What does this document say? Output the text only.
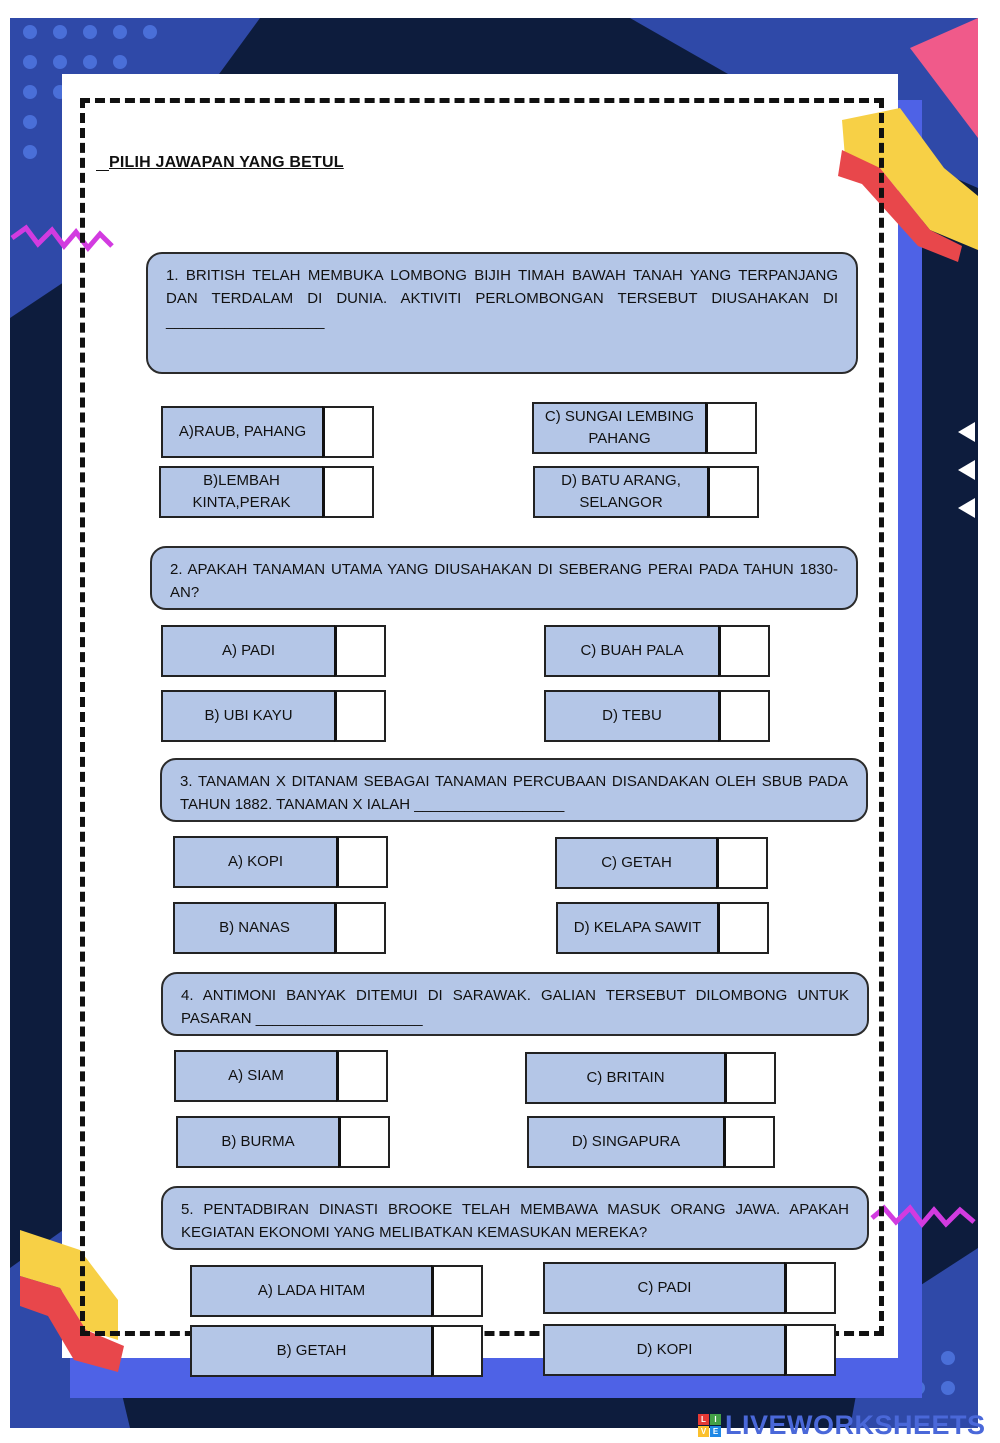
PILIH JAWAPAN YANG BETUL
1. BRITISH TELAH MEMBUKA LOMBONG BIJIH TIMAH BAWAH TANAH YANG TERPANJANG DAN TERDALAM DI DUNIA. AKTIVITI PERLOMBONGAN TERSEBUT DIUSAHAKAN DI ___________________
A)RAUB, PAHANG
B)LEMBAH KINTA,PERAK
C) SUNGAI LEMBING PAHANG
D) BATU ARANG, SELANGOR
2. APAKAH TANAMAN UTAMA YANG DIUSAHAKAN DI SEBERANG PERAI PADA TAHUN 1830-AN?
A) PADI
B) UBI KAYU
C) BUAH PALA
D) TEBU
3. TANAMAN X DITANAM SEBAGAI TANAMAN PERCUBAAN DISANDAKAN OLEH SBUB PADA TAHUN 1882. TANAMAN X IALAH __________________
A) KOPI
B) NANAS
C) GETAH
D) KELAPA SAWIT
4. ANTIMONI BANYAK DITEMUI DI SARAWAK. GALIAN TERSEBUT DILOMBONG UNTUK PASARAN ____________________
A) SIAM
B) BURMA
C) BRITAIN
D) SINGAPURA
5. PENTADBIRAN DINASTI BROOKE TELAH MEMBAWA MASUK ORANG JAWA. APAKAH KEGIATAN EKONOMI YANG MELIBATKAN KEMASUKAN MEREKA?
A) LADA HITAM
B) GETAH
C) PADI
D) KOPI
L	I
V E LIVEWORKSHEETS
